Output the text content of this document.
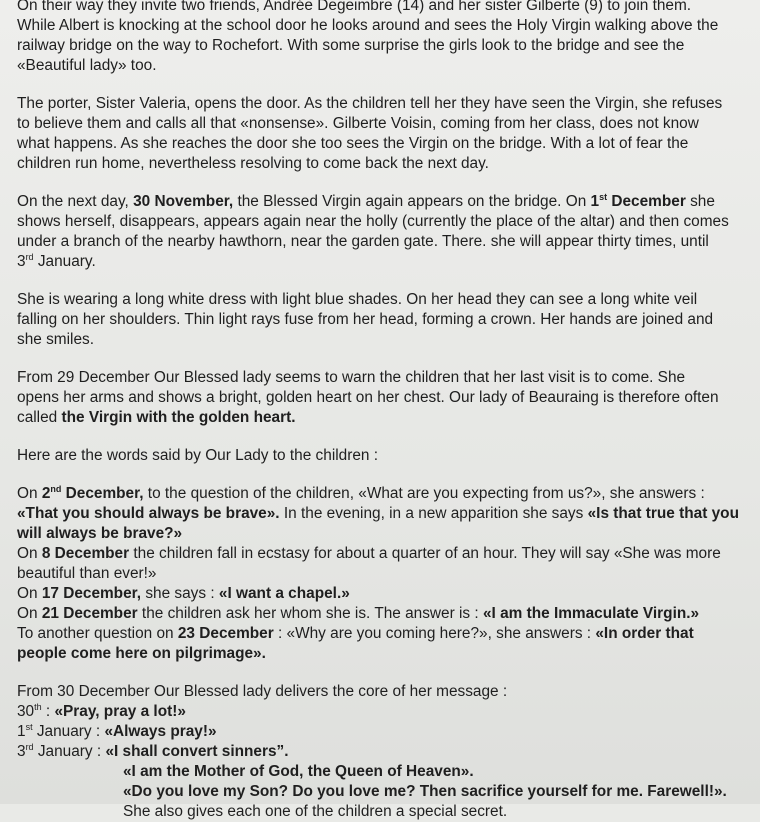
On their way they invite two friends, Andrée Degeimbre (14) and her sister Gilberte (9) to join them.

While Albert is knocking at the school door he looks around and sees the Holy Virgin walking above the

railway bridge on the way to Rochefort. With some surprise the girls look to the bridge and see the

«Beautiful lady» too.

The porter, Sister Valeria, opens the door. As the children tell her they have seen the Virgin, she refuses

to believe them and calls all that «nonsense». Gilberte Voisin, coming from her class, does not know

what happens. As she reaches the door she too sees the Virgin on the bridge. With a lot of fear the

children run home, nevertheless resolving to come back the next day.

On the next day, 30 November, the Blessed Virgin again appears on the bridge. On 1st December she

shows herself, disappears, appears again near the holly (currently the place of the altar) and then comes

under a branch of the nearby hawthorn, near the garden gate. There. she will appear thirty times, until

3rd January.

She is wearing a long white dress with light blue shades. On her head they can see a long white veil

falling on her shoulders. Thin light rays fuse from her head, forming a crown. Her hands are joined and

she smiles.

From 29 December Our Blessed lady seems to warn the children that her last visit is to come. She

opens her arms and shows a bright, golden heart on her chest. Our lady of Beauraing is therefore often

called the Virgin with the golden heart.

Here are the words said by Our Lady to the children :

On 2nd December, to the question of the children, «What are you expecting from us?», she answers :

«That you should always be brave». In the evening, in a new apparition she says «Is that true that you

will always be brave?»

On 8 December the children fall in ecstasy for about a quarter of an hour. They will say «She was more

beautiful than ever!»

On 17 December, she says : «I want a chapel.»

On 21 December the children ask her whom she is. The answer is : «I am the Immaculate Virgin.»

To another question on 23 December : «Why are you coming here?», she answers : «In order that

people come here on pilgrimage».

From 30 December Our Blessed lady delivers the core of her message :

30th : «Pray, pray a lot!»

1st January : «Always pray!»

3rd January : «I shall convert sinners”.

«I am the Mother of God, the Queen of Heaven».

«Do you love my Son? Do you love me? Then sacrifice yourself for me. Farewell!».

She also gives each one of the children a special secret.
